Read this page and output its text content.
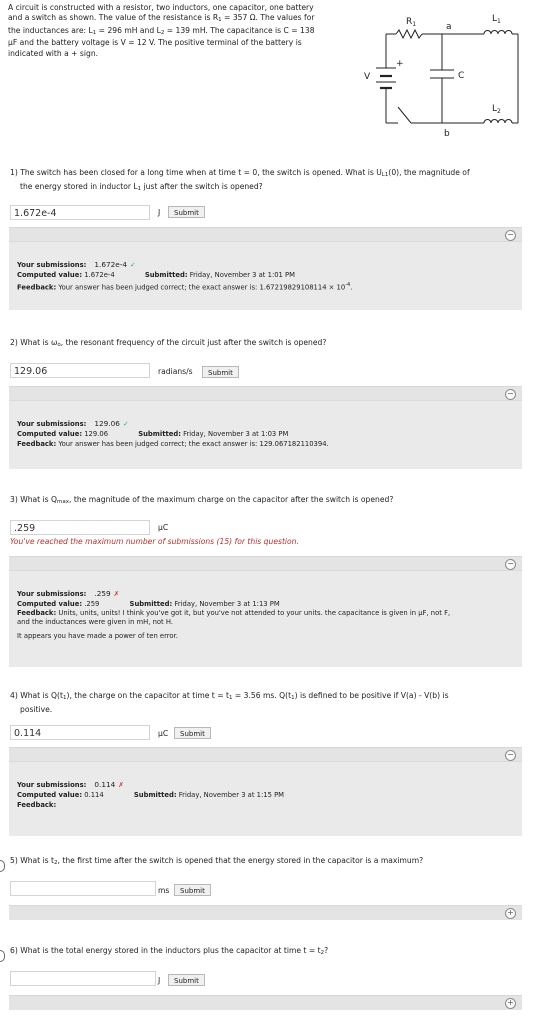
A circuit is constructed with a resistor, two inductors, one capacitor, one battery
and a switch as shown. The value of the resistance is R1 = 357 Ω. The values for
the inductances are: L1 = 296 mH and L2 = 139 mH. The capacitance is C = 138
μF and the battery voltage is V = 12 V. The positive terminal of the battery is
indicated with a + sign.
$R_1$	a
$L_1$
$L_2$
b
V	C
+
1) The switch has been closed for a long time when at time t = 0, the switch is opened. What is UL1(0), the magnitude of
the energy stored in inductor L1 just after the switch is opened?
1.672e-4	J	Submit
−
Your submissions: 1.672e-4 ✓
Computed value: 1.672e-4	Submitted: Friday, November 3 at 1:01 PM
Feedback: Your answer has been judged correct; the exact answer is: $1.67219829108114 \times 10^{-4}$.
2) What is ωo, the resonant frequency of the circuit just after the switch is opened?
129.06	radians/s	Submit
−
Your submissions: 129.06 ✓
Computed value: 129.06	Submitted: Friday, November 3 at 1:03 PM
Feedback: Your answer has been judged correct; the exact answer is: 129.067182110394.
3) What is Qmax, the magnitude of the maximum charge on the capacitor after the switch is opened?
.259	μC
You've reached the maximum number of submissions (15) for this question.
−
Your submissions: .259 ✗
Computed value: .259	Submitted: Friday, November 3 at 1:13 PM
Feedback: Units, units, units! I think you've got it, but you've not attended to your units. the capacitance is given in μF, not F,
and the inductances were given in mH, not H.
It appears you have made a power of ten error.
4) What is Q(t1), the charge on the capacitor at time t = t1 = 3.56 ms. Q(t1) is defined to be positive if V(a) - V(b) is
positive.
0.114	μC	Submit
−
Your submissions: 0.114 ✗
Computed value: 0.114	Submitted: Friday, November 3 at 1:15 PM
Feedback:
5) What is t2, the first time after the switch is opened that the energy stored in the capacitor is a maximum?
ms	Submit
+
6) What is the total energy stored in the inductors plus the capacitor at time t = t2?
J	Submit
+
